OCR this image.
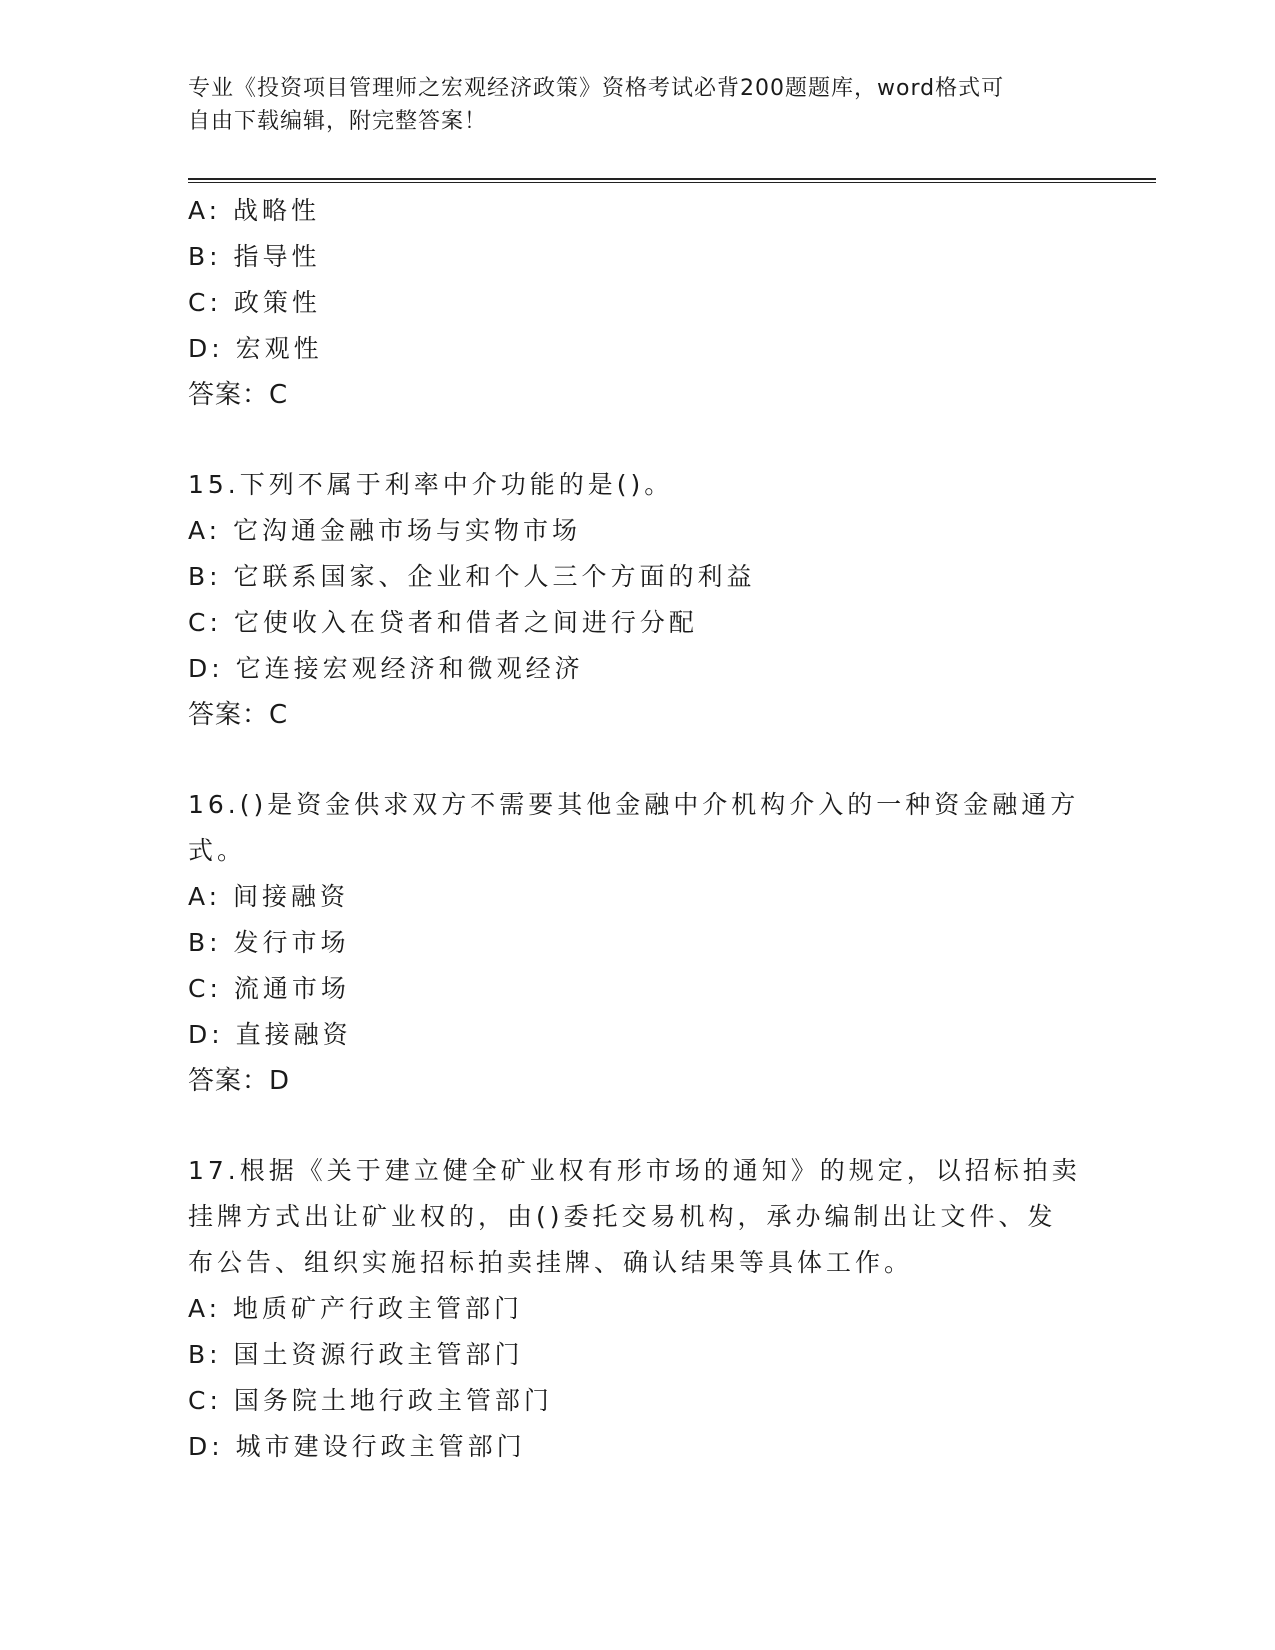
专业《投资项目管理师之宏观经济政策》资格考试必背200题题库，word格式可
自由下载编辑，附完整答案！
A: 战略性
B: 指导性
C: 政策性
D: 宏观性
答案：C
15.下列不属于利率中介功能的是()。
A: 它沟通金融市场与实物市场
B: 它联系国家、企业和个人三个方面的利益
C: 它使收入在贷者和借者之间进行分配
D: 它连接宏观经济和微观经济
答案：C
16.()是资金供求双方不需要其他金融中介机构介入的一种资金融通方
式。
A: 间接融资
B: 发行市场
C: 流通市场
D: 直接融资
答案：D
17.根据《关于建立健全矿业权有形市场的通知》的规定，以招标拍卖
挂牌方式出让矿业权的，由()委托交易机构，承办编制出让文件、发
布公告、组织实施招标拍卖挂牌、确认结果等具体工作。
A: 地质矿产行政主管部门
B: 国土资源行政主管部门
C: 国务院土地行政主管部门
D: 城市建设行政主管部门
